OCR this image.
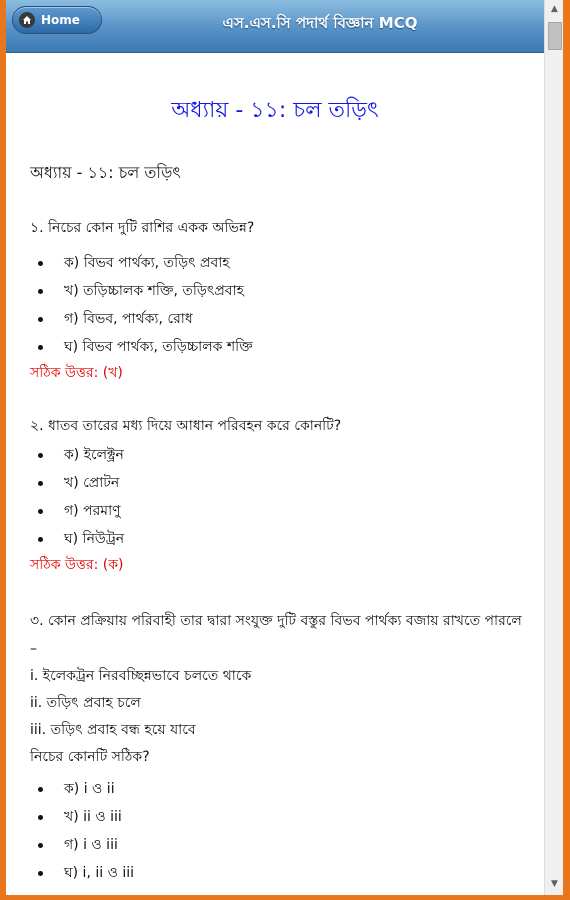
Home	এস.এস.সি পদার্থ বিজ্ঞান MCQ
অধ্যায় - ১১: চল তড়িৎ
অধ্যায় - ১১: চল তড়িৎ
১. নিচের কোন দুটি রাশির একক অভিন্ন?
ক) বিভব পার্থক্য, তড়িৎ প্রবাহ
খ) তড়িচ্চালক শক্তি, তড়িৎপ্রবাহ
গ) বিভব, পার্থক্য, রোধ
ঘ) বিভব পার্থক্য, তড়িচ্চালক শক্তি
সঠিক উত্তর: (খ)
২. ধাতব তারের মধ্য দিয়ে আধান পরিবহন করে কোনটি?
ক) ইলেক্ট্রন
খ) প্রোটন
গ) পরমাণু
ঘ) নিউট্রন
সঠিক উত্তর: (ক)
৩. কোন প্রক্রিয়ায় পরিবাহী তার দ্বারা সংযুক্ত দুটি বস্তুর বিভব পার্থক্য বজায় রাখতে পারলে –
i. ইলেকট্রন নিরবচ্ছিন্নভাবে চলতে থাকে
ii. তড়িৎ প্রবাহ চলে
iii. তড়িৎ প্রবাহ বন্ধ হয়ে যাবে
নিচের কোনটি সঠিক?
ক) i ও ii
খ) ii ও iii
গ) i ও iii
ঘ) i, ii ও iii
▲
▼
